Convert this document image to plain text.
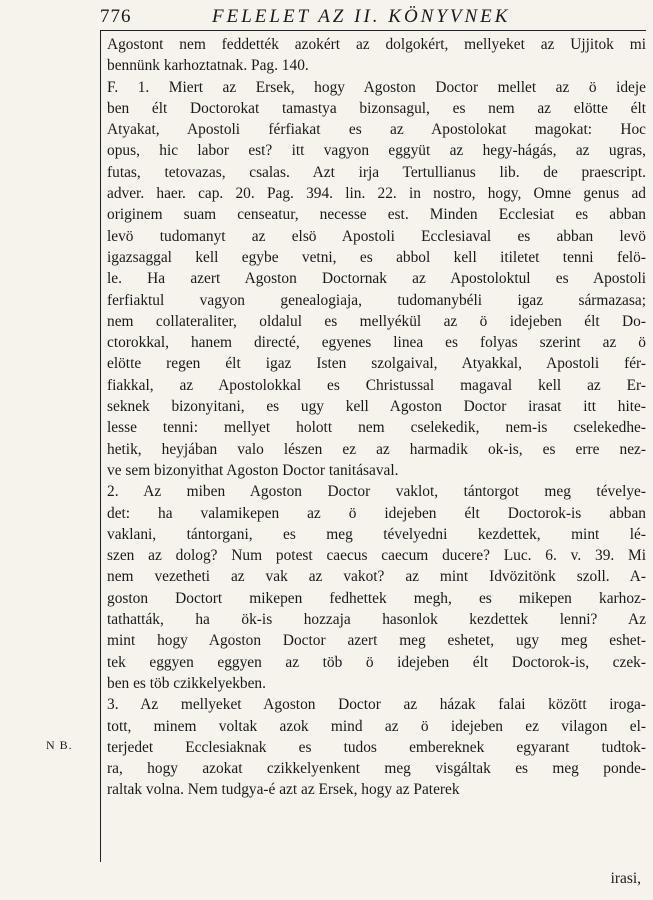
776	FELELET AZ II. KÖNYVNEK
Agostont nem feddették azokért az dolgokért, mellyeket az Ujjitok mi
bennünk karhoztatnak. Pag. 140.
F. 1. Miert az Ersek, hogy Agoston Doctor mellet az ö ideje
ben élt Doctorokat tamastya bizonsagul, es nem az elötte élt
Atyakat, Apostoli férfiakat es az Apostolokat magokat: Hoc
opus, hic labor est? itt vagyon eggyüt az hegy-hágás, az ugras,
futas, tetovazas, csalas. Azt irja Tertullianus lib. de praescript.
adver. haer. cap. 20. Pag. 394. lin. 22. in nostro, hogy, Omne genus ad
originem suam censeatur, necesse est. Minden Ecclesiat es abban
levö tudomanyt az elsö Apostoli Ecclesiaval es abban levö
igazsaggal kell egybe vetni, es abbol kell itiletet tenni felö-
le. Ha azert Agoston Doctornak az Apostoloktul es Apostoli
ferfiaktul vagyon genealogiaja, tudomanybéli igaz sármazasa;
nem collateraliter, oldalul es mellyékül az ö idejeben élt Do-
ctorokkal, hanem directé, egyenes linea es folyas szerint az ö
elötte regen élt igaz Isten szolgaival, Atyakkal, Apostoli fér-
fiakkal, az Apostolokkal es Christussal magaval kell az Er-
seknek bizonyitani, es ugy kell Agoston Doctor irasat itt hite-
lesse tenni: mellyet holott nem cselekedik, nem-is cselekedhe-
hetik, heyjában valo lészen ez az harmadik ok-is, es erre nez-
ve sem bizonyithat Agoston Doctor tanitásaval.
2. Az miben Agoston Doctor vaklot, tántorgot meg tévelye-
det: ha valamikepen az ö idejeben élt Doctorok-is abban
vaklani, tántorgani, es meg tévelyedni kezdettek, mint lé-
szen az dolog? Num potest caecus caecum ducere? Luc. 6. v. 39. Mi
nem vezetheti az vak az vakot? az mint Idvözitönk szoll. A-
goston Doctort mikepen fedhettek megh, es mikepen karhoz-
tathatták, ha ök-is hozzaja hasonlok kezdettek lenni? Az
mint hogy Agoston Doctor azert meg eshetet, ugy meg eshet-
tek eggyen eggyen az töb ö idejeben élt Doctorok-is, czek-
ben es töb czikkelyekben.
3. Az mellyeket Agoston Doctor az házak falai között iroga-
tott, minem voltak azok mind az ö idejeben ez vilagon el-
terjedet Ecclesiaknak es tudos embereknek egyarant tudtok-
ra, hogy azokat czikkelyenkent meg visgáltak es meg ponde-
raltak volna. Nem tudgya-é azt az Ersek, hogy az Paterek
N B.
irasi,
